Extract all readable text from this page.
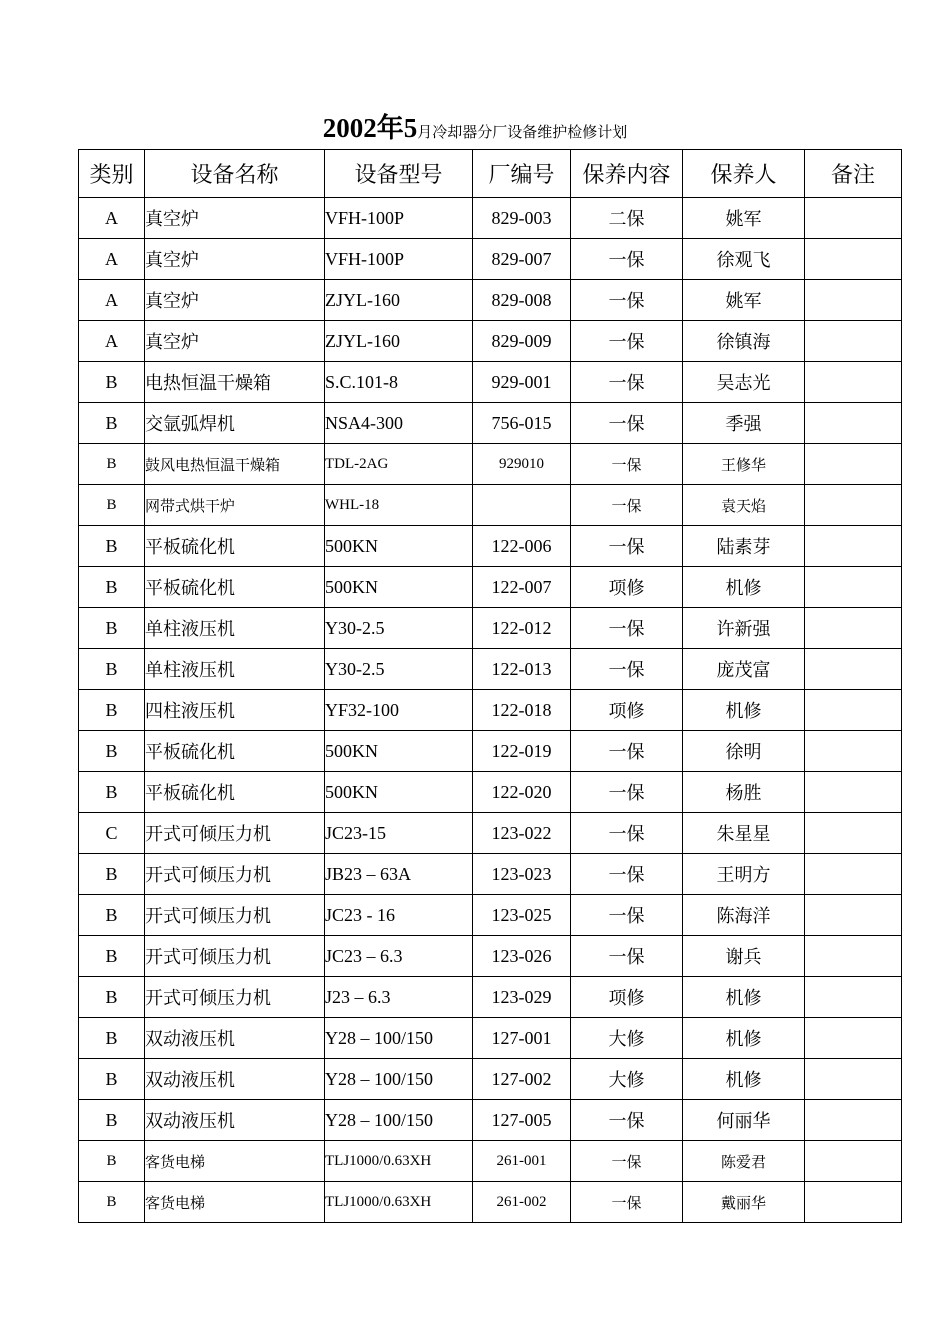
2002年5月冷却器分厂设备维护检修计划
类别	设备名称	设备型号	厂编号	保养内容	保养人	备注
A	真空炉	VFH-100P	829-003	二保	姚军	
A	真空炉	VFH-100P	829-007	一保	徐观飞	
A	真空炉	ZJYL-160	829-008	一保	姚军	
A	真空炉	ZJYL-160	829-009	一保	徐镇海	
B	电热恒温干燥箱	S.C.101-8	929-001	一保	吴志光	
B	交氩弧焊机	NSA4-300	756-015	一保	季强	
B	鼓风电热恒温干燥箱	TDL-2AG	929010	一保	王修华	
B	网带式烘干炉	WHL-18		一保	袁天焰	
B	平板硫化机	500KN	122-006	一保	陆素芽	
B	平板硫化机	500KN	122-007	项修	机修	
B	单柱液压机	Y30-2.5	122-012	一保	许新强	
B	单柱液压机	Y30-2.5	122-013	一保	庞茂富	
B	四柱液压机	YF32-100	122-018	项修	机修	
B	平板硫化机	500KN	122-019	一保	徐明	
B	平板硫化机	500KN	122-020	一保	杨胜	
C	开式可倾压力机	JC23-15	123-022	一保	朱星星	
B	开式可倾压力机	JB23 – 63A	123-023	一保	王明方	
B	开式可倾压力机	JC23 - 16	123-025	一保	陈海洋	
B	开式可倾压力机	JC23 – 6.3	123-026	一保	谢兵	
B	开式可倾压力机	J23 – 6.3	123-029	项修	机修	
B	双动液压机	Y28 – 100/150	127-001	大修	机修	
B	双动液压机	Y28 – 100/150	127-002	大修	机修	
B	双动液压机	Y28 – 100/150	127-005	一保	何丽华	
B	客货电梯	TLJ1000/0.63XH	261-001	一保	陈爱君	
B	客货电梯	TLJ1000/0.63XH	261-002	一保	戴丽华	
